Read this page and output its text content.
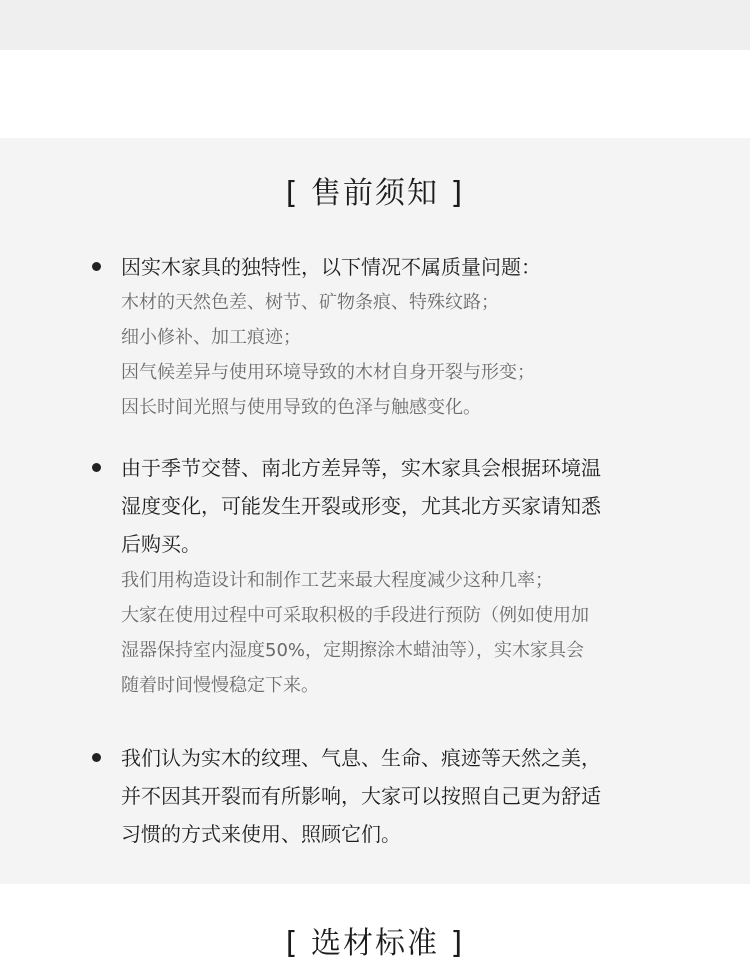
[ 售前须知 ]
因实木家具的独特性，以下情况不属质量问题：
木材的天然色差、树节、矿物条痕、特殊纹路；
细小修补、加工痕迹；
因气候差异与使用环境导致的木材自身开裂与形变；
因长时间光照与使用导致的色泽与触感变化。
由于季节交替、南北方差异等，实木家具会根据环境温
湿度变化，可能发生开裂或形变，尤其北方买家请知悉
后购买。
我们用构造设计和制作工艺来最大程度减少这种几率；
大家在使用过程中可采取积极的手段进行预防（例如使用加
湿器保持室内湿度50%，定期擦涂木蜡油等），实木家具会
随着时间慢慢稳定下来。
我们认为实木的纹理、气息、生命、痕迹等天然之美，
并不因其开裂而有所影响，大家可以按照自己更为舒适
习惯的方式来使用、照顾它们。
[ 选材标准 ]
